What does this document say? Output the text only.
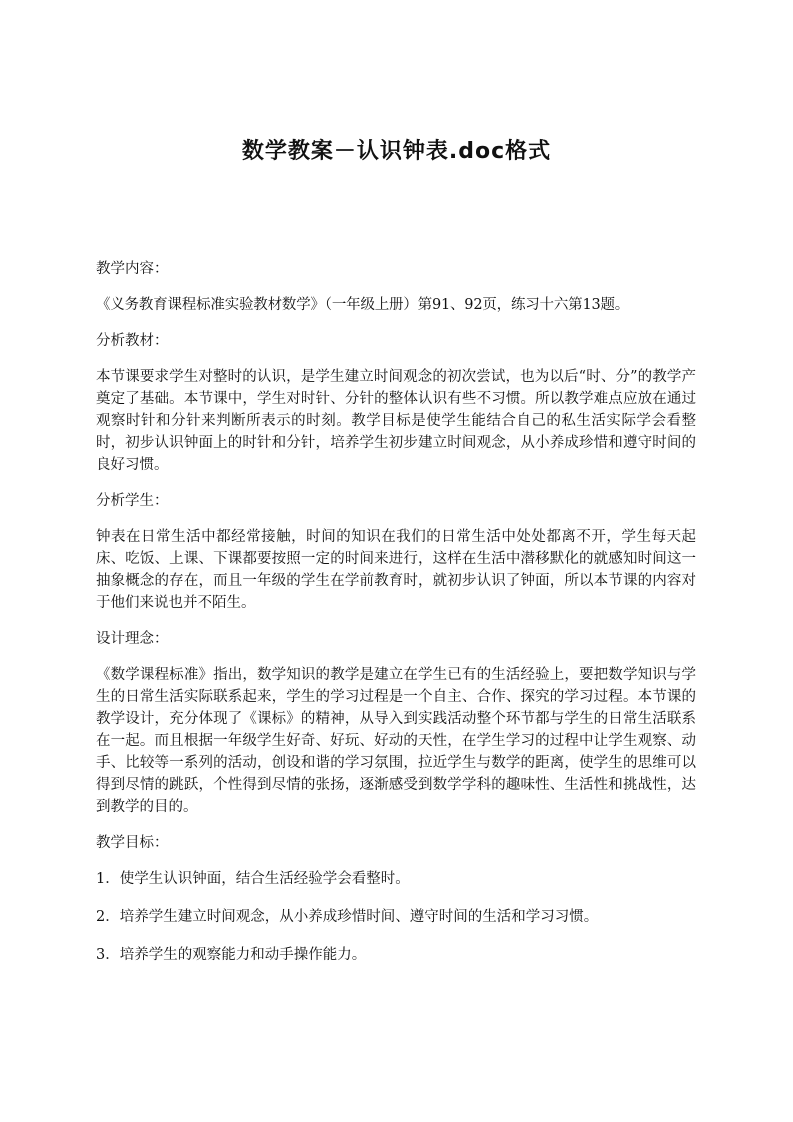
数学教案－认识钟表.doc格式

教学内容：

《义务教育课程标准实验教材数学》（一年级上册）第91、92页，练习十六第13题。

分析教材：

本节课要求学生对整时的认识，是学生建立时间观念的初次尝试，也为以后“时、分”的教学产奠定了基础。本节课中，学生对时针、分针的整体认识有些不习惯。所以教学难点应放在通过观察时针和分针来判断所表示的时刻。教学目标是使学生能结合自己的私生活实际学会看整时，初步认识钟面上的时针和分针，培养学生初步建立时间观念，从小养成珍惜和遵守时间的良好习惯。

分析学生：

钟表在日常生活中都经常接触，时间的知识在我们的日常生活中处处都离不开，学生每天起床、吃饭、上课、下课都要按照一定的时间来进行，这样在生活中潜移默化的就感知时间这一抽象概念的存在，而且一年级的学生在学前教育时，就初步认识了钟面，所以本节课的内容对于他们来说也并不陌生。

设计理念：

《数学课程标准》指出，数学知识的教学是建立在学生已有的生活经验上，要把数学知识与学生的日常生活实际联系起来，学生的学习过程是一个自主、合作、探究的学习过程。本节课的教学设计，充分体现了《课标》的精神，从导入到实践活动整个环节都与学生的日常生活联系在一起。而且根据一年级学生好奇、好玩、好动的天性，在学生学习的过程中让学生观察、动手、比较等一系列的活动，创设和谐的学习氛围，拉近学生与数学的距离，使学生的思维可以得到尽情的跳跃，个性得到尽情的张扬，逐渐感受到数学学科的趣味性、生活性和挑战性，达到教学的目的。

教学目标：

1．使学生认识钟面，结合生活经验学会看整时。

2．培养学生建立时间观念，从小养成珍惜时间、遵守时间的生活和学习习惯。

3．培养学生的观察能力和动手操作能力。
